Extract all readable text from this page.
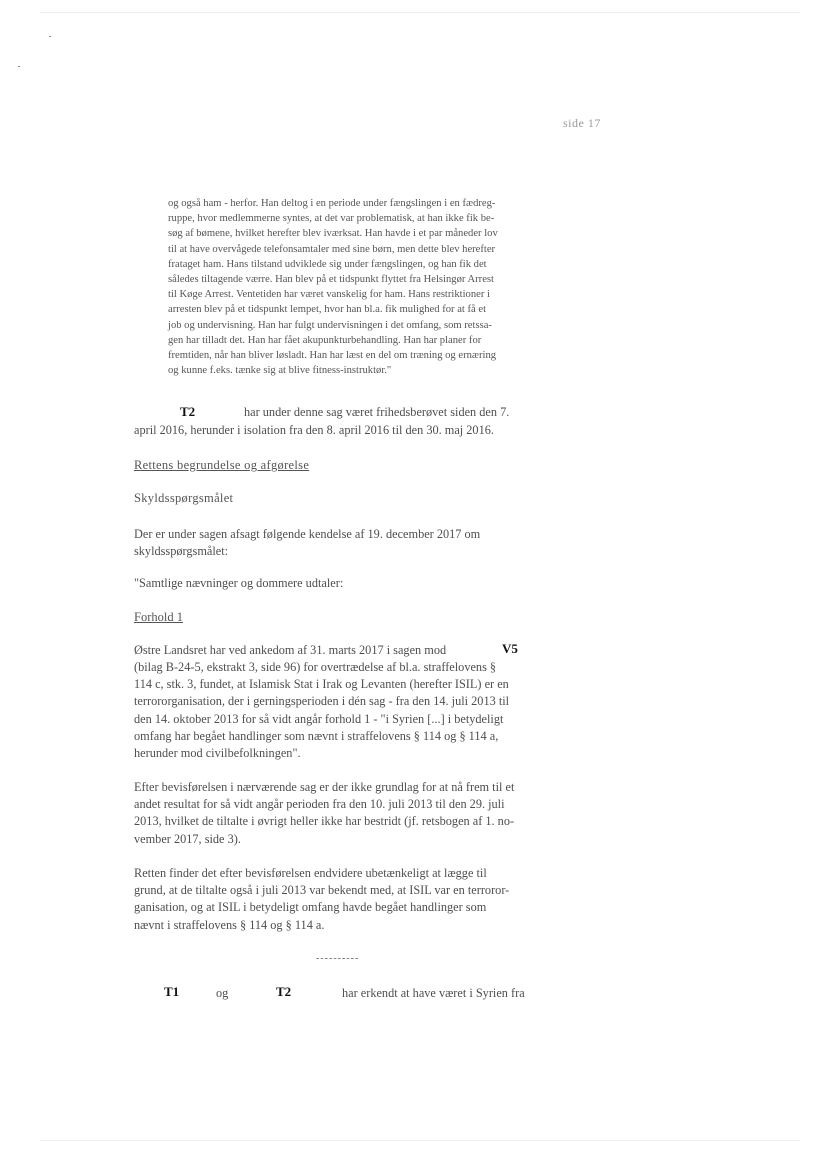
side 17
og også ham - herfor. Han deltog i en periode under fængslingen i en fædreg-
ruppe, hvor medlemmerne syntes, at det var problematisk, at han ikke fik be-
søg af bømene, hvilket herefter blev iværksat. Han havde i et par måneder lov
til at have overvågede telefonsamtaler med sine børn, men dette blev herefter
frataget ham. Hans tilstand udviklede sig under fængslingen, og han fik det
således tiltagende værre. Han blev på et tidspunkt flyttet fra Helsingør Arrest
til Køge Arrest. Ventetiden har været vanskelig for ham. Hans restriktioner i
arresten blev på et tidspunkt lempet, hvor han bl.a. fik mulighed for at få et
job og undervisning. Han har fulgt undervisningen i det omfang, som retssa-
gen har tilladt det. Han har fået akupunkturbehandling. Han har planer for
fremtiden, når han bliver løsladt. Han har læst en del om træning og ernæring
og kunne f.eks. tænke sig at blive fitness-instruktør."
T2	har under denne sag været frihedsberøvet siden den 7.
april 2016, herunder i isolation fra den 8. april 2016 til den 30. maj 2016.
Rettens begrundelse og afgørelse
Skyldsspørgsmålet
Der er under sagen afsagt følgende kendelse af 19. december 2017 om
skyldsspørgsmålet:
"Samtlige nævninger og dommere udtaler:
Forhold 1
Østre Landsret har ved ankedom af 31. marts 2017 i sagen mod	V5
(bilag B-24-5, ekstrakt 3, side 96) for overtrædelse af bl.a. straffelovens §
114 c, stk. 3, fundet, at Islamisk Stat i Irak og Levanten (herefter ISIL) er en
terrororganisation, der i gerningsperioden i dén sag - fra den 14. juli 2013 til
den 14. oktober 2013 for så vidt angår forhold 1 - "i Syrien [...] i betydeligt
omfang har begået handlinger som nævnt i straffelovens § 114 og § 114 a,
herunder mod civilbefolkningen".
Efter bevisførelsen i nærværende sag er der ikke grundlag for at nå frem til et
andet resultat for så vidt angår perioden fra den 10. juli 2013 til den 29. juli
2013, hvilket de tiltalte i øvrigt heller ikke har bestridt (jf. retsbogen af 1. no-
vember 2017, side 3).
Retten finder det efter bevisførelsen endvidere ubetænkeligt at lægge til
grund, at de tiltalte også i juli 2013 var bekendt med, at ISIL var en terroror-
ganisation, og at ISIL i betydeligt omfang havde begået handlinger som
nævnt i straffelovens § 114 og § 114 a.
----------
T1	og	T2	har erkendt at have været i Syrien fra
